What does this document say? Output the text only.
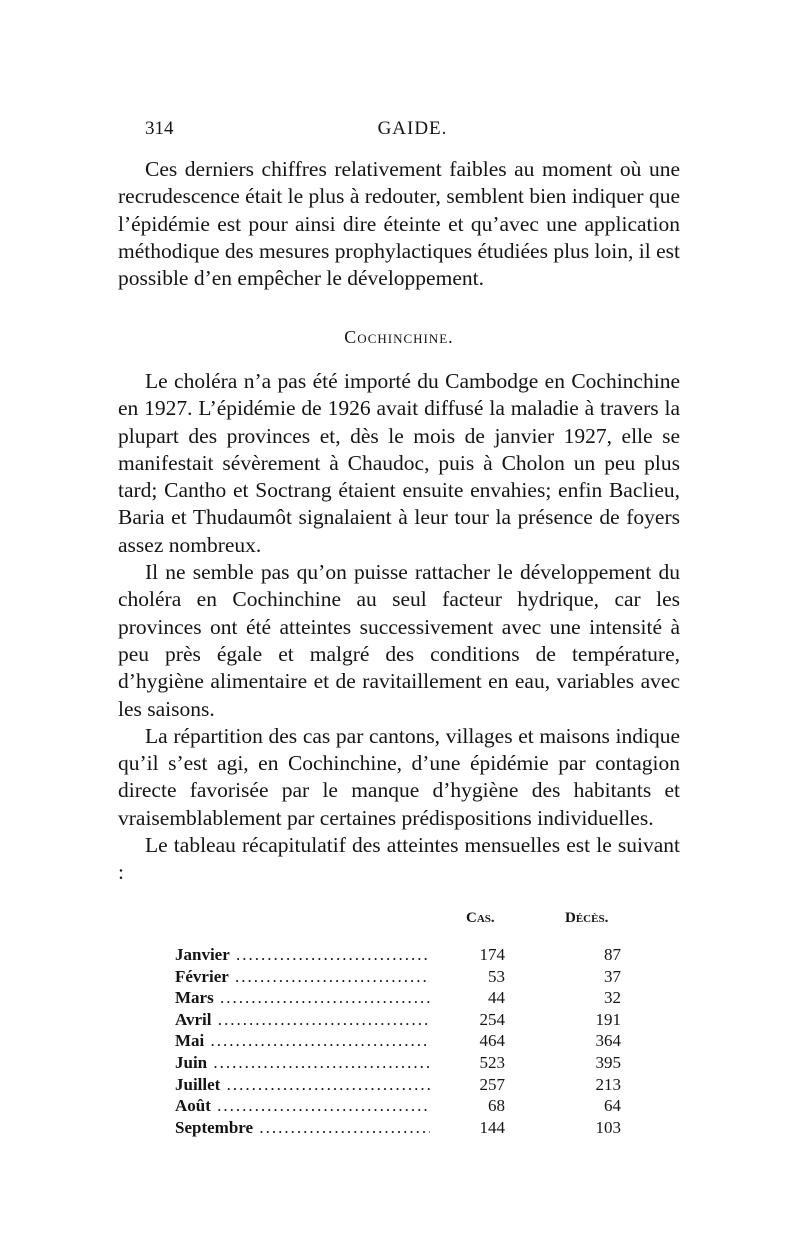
314	GAIDE.

Ces derniers chiffres relativement faibles au moment où une recrudescence était le plus à redouter, semblent bien indiquer que l’épidémie est pour ainsi dire éteinte et qu’avec une application méthodique des mesures prophylactiques étudiées plus loin, il est possible d’en empêcher le développement.

Cochinchine.

Le choléra n’a pas été importé du Cambodge en Cochinchine en 1927. L’épidémie de 1926 avait diffusé la maladie à travers la plupart des provinces et, dès le mois de janvier 1927, elle se manifestait sévèrement à Chaudoc, puis à Cholon un peu plus tard; Cantho et Soctrang étaient ensuite envahies; enfin Baclieu, Baria et Thudaumôt signalaient à leur tour la présence de foyers assez nombreux.

Il ne semble pas qu’on puisse rattacher le développement du choléra en Cochinchine au seul facteur hydrique, car les provinces ont été atteintes successivement avec une intensité à peu près égale et malgré des conditions de température, d’hygiène alimentaire et de ravitaillement en eau, variables avec les saisons.

La répartition des cas par cantons, villages et maisons indique qu’il s’est agi, en Cochinchine, d’une épidémie par contagion directe favorisée par le manque d’hygiène des habitants et vraisemblablement par certaines prédispositions individuelles.

Le tableau récapitulatif des atteintes mensuelles est le suivant :

Cas.	Décès.
Janvier .....	174	87
Février .....	53	37
Mars .....	44	32
Avril .....	254	191
Mai .....	464	364
Juin .....	523	395
Juillet .....	257	213
Août .....	68	64
Septembre .....	144	103
